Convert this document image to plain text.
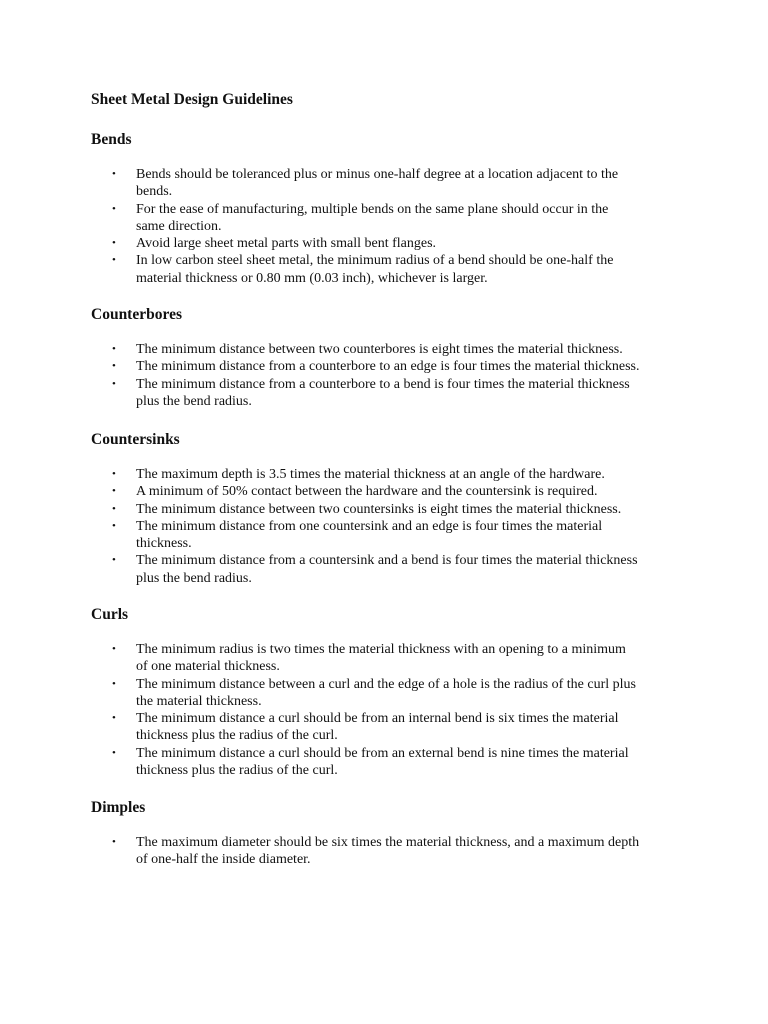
Sheet Metal Design Guidelines
Bends
• Bends should be toleranced plus or minus one-half degree at a location adjacent to the
bends.
• For the ease of manufacturing, multiple bends on the same plane should occur in the
same direction.
• Avoid large sheet metal parts with small bent flanges.
• In low carbon steel sheet metal, the minimum radius of a bend should be one-half the
material thickness or 0.80 mm (0.03 inch), whichever is larger.
Counterbores
• The minimum distance between two counterbores is eight times the material thickness.
• The minimum distance from a counterbore to an edge is four times the material thickness.
• The minimum distance from a counterbore to a bend is four times the material thickness
plus the bend radius.
Countersinks
• The maximum depth is 3.5 times the material thickness at an angle of the hardware.
• A minimum of 50% contact between the hardware and the countersink is required.
• The minimum distance between two countersinks is eight times the material thickness.
• The minimum distance from one countersink and an edge is four times the material
thickness.
• The minimum distance from a countersink and a bend is four times the material thickness
plus the bend radius.
Curls
• The minimum radius is two times the material thickness with an opening to a minimum
of one material thickness.
• The minimum distance between a curl and the edge of a hole is the radius of the curl plus
the material thickness.
• The minimum distance a curl should be from an internal bend is six times the material
thickness plus the radius of the curl.
• The minimum distance a curl should be from an external bend is nine times the material
thickness plus the radius of the curl.
Dimples
• The maximum diameter should be six times the material thickness, and a maximum depth
of one-half the inside diameter.
